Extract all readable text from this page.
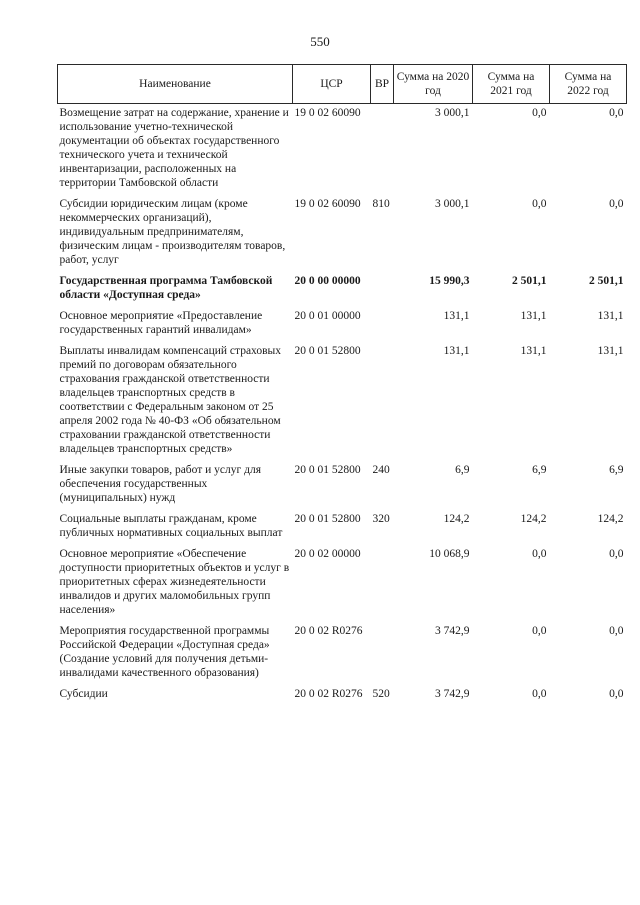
550
Наименование	ЦСР	ВР	Сумма на 2020 год	Сумма на 2021 год	Сумма на 2022 год
Возмещение затрат на содержание, хранение и использование учетно-технической документации об объектах государственного технического учета и технической инвентаризации, расположенных на территории Тамбовской области	19 0 02 60090		3 000,1	0,0	0,0
Субсидии юридическим лицам (кроме некоммерческих организаций), индивидуальным предпринимателям, физическим лицам - производителям товаров, работ, услуг	19 0 02 60090	810	3 000,1	0,0	0,0
Государственная программа Тамбовской области «Доступная среда»	20 0 00 00000		15 990,3	2 501,1	2 501,1
Основное мероприятие «Предоставление государственных гарантий инвалидам»	20 0 01 00000		131,1	131,1	131,1
Выплаты инвалидам компенсаций страховых премий по договорам обязательного страхования гражданской ответственности владельцев транспортных средств в соответствии с Федеральным законом от 25 апреля 2002 года № 40-ФЗ «Об обязательном страховании гражданской ответственности владельцев транспортных средств»	20 0 01 52800		131,1	131,1	131,1
Иные закупки товаров, работ и услуг для обеспечения государственных (муниципальных) нужд	20 0 01 52800	240	6,9	6,9	6,9
Социальные выплаты гражданам, кроме публичных нормативных социальных выплат	20 0 01 52800	320	124,2	124,2	124,2
Основное мероприятие «Обеспечение доступности приоритетных объектов и услуг в приоритетных сферах жизнедеятельности инвалидов и других маломобильных групп населения»	20 0 02 00000		10 068,9	0,0	0,0
Мероприятия государственной программы Российской Федерации «Доступная среда» (Создание условий для получения детьми-инвалидами качественного образования)	20 0 02 R0276		3 742,9	0,0	0,0
Субсидии	20 0 02 R0276	520	3 742,9	0,0	0,0
